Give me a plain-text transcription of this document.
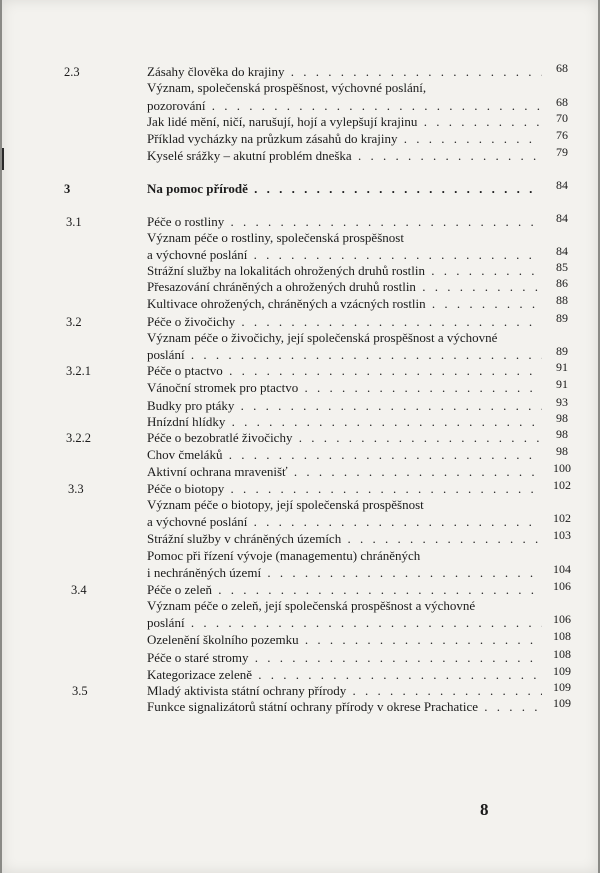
2.3	Zásahy člověka do krajiny . . .	68
Význam, společenská prospěšnost, výchovné poslání,
pozorování . . .	68
Jak lidé mění, ničí, narušují, hojí a vylepšují krajinu . . .	70
Příklad vycházky na průzkum zásahů do krajiny . . .	76
Kyselé srážky – akutní problém dneška . . .	79
3	Na pomoc přírodě . . .	84
3.1	Péče o rostliny . . .	84
Význam péče o rostliny, společenská prospěšnost
a výchovné poslání . . .	84
Strážní služby na lokalitách ohrožených druhů rostlin . . .	85
Přesazování chráněných a ohrožených druhů rostlin . . .	86
Kultivace ohrožených, chráněných a vzácných rostlin . . .	88
3.2	Péče o živočichy . . .	89
Význam péče o živočichy, její společenská prospěšnost a výchovné
poslání . . .	89
3.2.1	Péče o ptactvo . . .	91
Vánoční stromek pro ptactvo . . .	91
Budky pro ptáky . . .	93
Hnízdní hlídky . . .	98
3.2.2	Péče o bezobratlé živočichy . . .	98
Chov čmeláků . . .	98
Aktivní ochrana mravenišť . . .	100
3.3	Péče o biotopy . . .	102
Význam péče o biotopy, její společenská prospěšnost
a výchovné poslání . . .	102
Strážní služby v chráněných územích . . .	103
Pomoc při řízení vývoje (managementu) chráněných
i nechráněných území . . .	104
3.4	Péče o zeleň . . .	106
Význam péče o zeleň, její společenská prospěšnost a výchovné
poslání . . .	106
Ozelenění školního pozemku . . .	108
Péče o staré stromy . . .	108
Kategorizace zeleně . . .	109
3.5	Mladý aktivista státní ochrany přírody . . .	109
Funkce signalizátorů státní ochrany přírody v okrese Prachatice . . .	109
8
